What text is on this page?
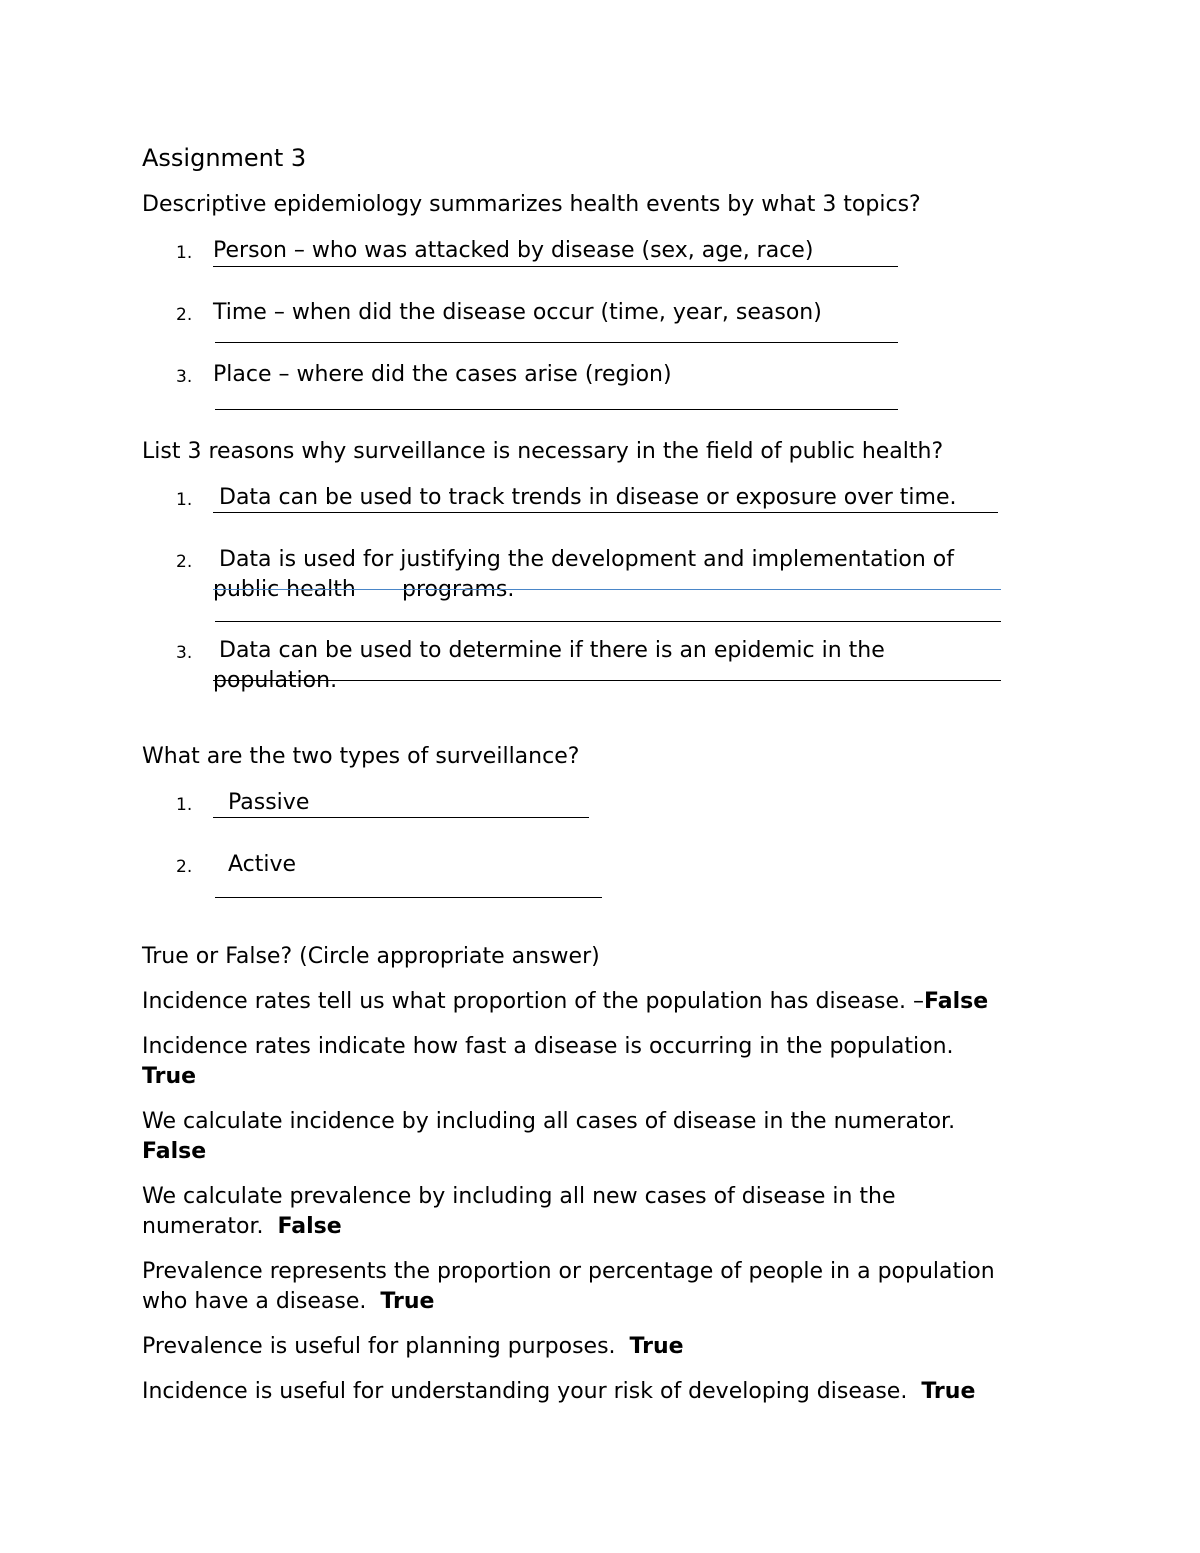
Assignment 3
Descriptive epidemiology summarizes health events by what 3 topics?
1. Person – who was attacked by disease (sex, age, race)
2. Time – when did the disease occur (time, year, season)
3. Place – where did the cases arise (region)
List 3 reasons why surveillance is necessary in the field of public health?
1.	Data can be used to track trends in disease or exposure over time.
2.	Data is used for justifying the development and implementation of
public health programs.
3.	Data can be used to determine if there is an epidemic in the
population.
What are the two types of surveillance?
1.	Passive
2.	Active
True or False? (Circle appropriate answer)
Incidence rates tell us what proportion of the population has disease. –False
Incidence rates indicate how fast a disease is occurring in the population.
True
We calculate incidence by including all cases of disease in the numerator.
False
We calculate prevalence by including all new cases of disease in the
numerator. False
Prevalence represents the proportion or percentage of people in a population
who have a disease. True
Prevalence is useful for planning purposes. True
Incidence is useful for understanding your risk of developing disease. True
